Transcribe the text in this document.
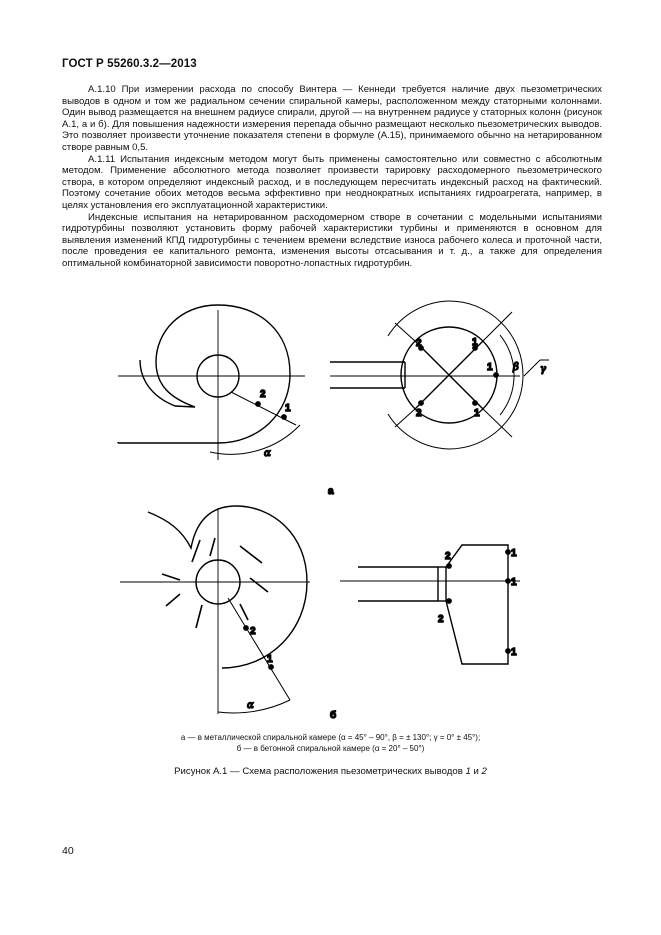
ГОСТ Р 55260.3.2—2013

А.1.10 При измерении расхода по способу Винтера — Кеннеди требуется наличие двух пьезометрических выводов в одном и том же радиальном сечении спиральной камеры, расположенном между статорными колоннами. Один вывод размещается на внешнем радиусе спирали, другой — на внутреннем радиусе у статорных колонн (рисунок А.1, а и б). Для повышения надежности измерения перепада обычно размещают несколько пьезометрических выводов. Это позволяет произвести уточнение показателя степени в формуле (А.15), принимаемого обычно на нетарированном створе равным 0,5.

А.1.11 Испытания индексным методом могут быть применены самостоятельно или совместно с абсолютным методом. Применение абсолютного метода позволяет произвести тарировку расходомерного пьезометрического створа, в котором определяют индексный расход, и в последующем пересчитать индексный расход на фактический. Поэтому сочетание обоих методов весьма эффективно при неоднократных испытаниях гидроагрегата, например, в целях установления его эксплуатационной характеристики.

Индексные испытания на нетарированном расходомерном створе в сочетании с модельными испытаниями гидротурбины позволяют установить форму рабочей характеристики турбины и применяются в основном для выявления изменений КПД гидротурбины с течением времени вследствие износа рабочего колеса и проточной части, после проведения ее капитального ремонта, изменения высоты отсасывания и т. д., а также для определения оптимальной комбинаторной зависимости поворотно-лопастных гидротурбин.

2
1
α
2	1
2	1
1 β γ
а
2
1
α
б
2
2
1
1
1
а — в металлической спиральной камере (α = 45° – 90°, β = ± 130°; γ = 0° ± 45°);
б — в бетонной спиральной камере (α = 20° – 50°)
Рисунок А.1 — Схема расположения пьезометрических выводов 1 и 2
40
